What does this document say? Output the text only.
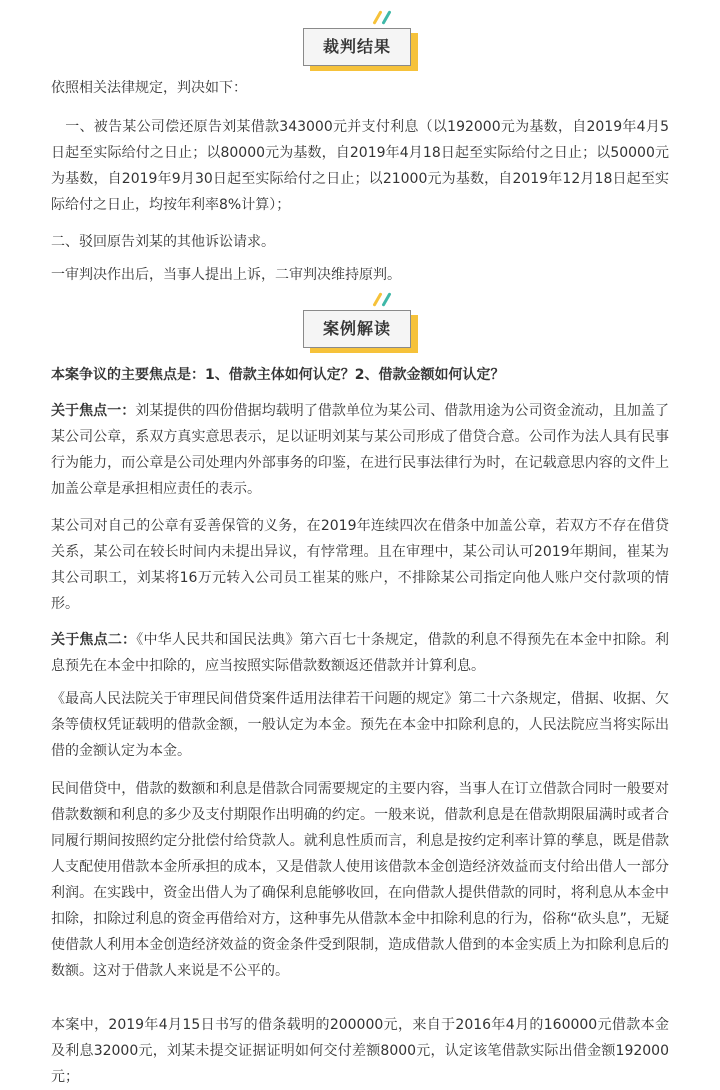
裁判结果

依照相关法律规定，判决如下：

　一、被告某公司偿还原告刘某借款343000元并支付利息（以192000元为基数，自2019年4月5日起至实际给付之日止；以80000元为基数，自2019年4月18日起至实际给付之日止；以50000元为基数，自2019年9月30日起至实际给付之日止；以21000元为基数，自2019年12月18日起至实际给付之日止，均按年利率8%计算）；

二、驳回原告刘某的其他诉讼请求。

一审判决作出后，当事人提出上诉，二审判决维持原判。

案例解读

本案争议的主要焦点是：1、借款主体如何认定？2、借款金额如何认定？

关于焦点一：刘某提供的四份借据均载明了借款单位为某公司、借款用途为公司资金流动，且加盖了某公司公章，系双方真实意思表示，足以证明刘某与某公司形成了借贷合意。公司作为法人具有民事行为能力，而公章是公司处理内外部事务的印鉴，在进行民事法律行为时，在记载意思内容的文件上加盖公章是承担相应责任的表示。

某公司对自己的公章有妥善保管的义务，在2019年连续四次在借条中加盖公章，若双方不存在借贷关系，某公司在较长时间内未提出异议，有悖常理。且在审理中，某公司认可2019年期间，崔某为其公司职工，刘某将16万元转入公司员工崔某的账户，不排除某公司指定向他人账户交付款项的情形。

关于焦点二：《中华人民共和国民法典》第六百七十条规定，借款的利息不得预先在本金中扣除。利息预先在本金中扣除的，应当按照实际借款数额返还借款并计算利息。

《最高人民法院关于审理民间借贷案件适用法律若干问题的规定》第二十六条规定，借据、收据、欠条等债权凭证载明的借款金额，一般认定为本金。预先在本金中扣除利息的，人民法院应当将实际出借的金额认定为本金。

民间借贷中，借款的数额和利息是借款合同需要规定的主要内容，当事人在订立借款合同时一般要对借款数额和利息的多少及支付期限作出明确的约定。一般来说，借款利息是在借款期限届满时或者合同履行期间按照约定分批偿付给贷款人。就利息性质而言，利息是按约定利率计算的孳息，既是借款人支配使用借款本金所承担的成本，又是借款人使用该借款本金创造经济效益而支付给出借人一部分利润。在实践中，资金出借人为了确保利息能够收回，在向借款人提供借款的同时，将利息从本金中扣除，扣除过利息的资金再借给对方，这种事先从借款本金中扣除利息的行为，俗称“砍头息”，无疑使借款人利用本金创造经济效益的资金条件受到限制，造成借款人借到的本金实质上为扣除利息后的数额。这对于借款人来说是不公平的。

本案中，2019年4月15日书写的借条载明的200000元，来自于2016年4月的160000元借款本金及利息32000元，刘某未提交证据证明如何交付差额8000元，认定该笔借款实际出借金额192000元；
